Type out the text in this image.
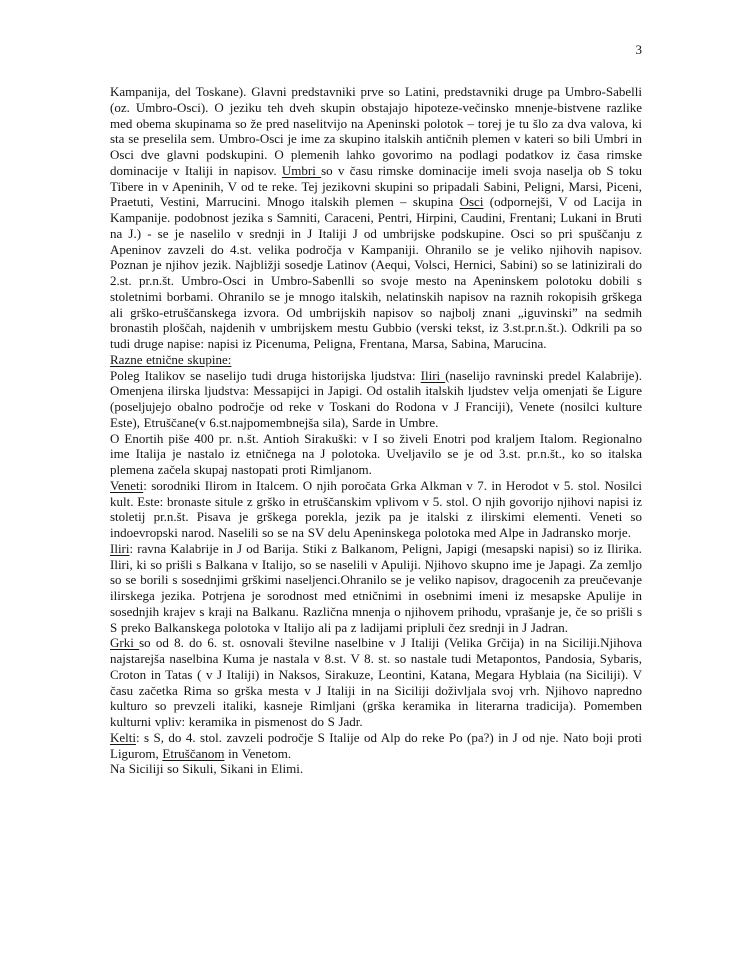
3

Kampanija, del Toskane). Glavni predstavniki prve so Latini, predstavniki druge pa Umbro-Sabelli (oz. Umbro-Osci). O jeziku teh dveh skupin obstajajo hipoteze-večinsko mnenje-bistvene razlike med obema skupinama so že pred naselitvijo na Apeninski polotok – torej je tu šlo za dva valova, ki sta se preselila sem. Umbro-Osci je ime za skupino italskih antičnih plemen v kateri so bili Umbri in Osci dve glavni podskupini. O plemenih lahko govorimo na podlagi podatkov iz časa rimske dominacije v Italiji in napisov. Umbri so v času rimske dominacije imeli svoja naselja ob S toku Tibere in v Apeninih, V od te reke. Tej jezikovni skupini so pripadali Sabini, Peligni, Marsi, Piceni, Praetuti, Vestini, Marrucini. Mnogo italskih plemen – skupina Osci (odpornejši, V od Lacija in Kampanije. podobnost jezika s Samniti, Caraceni, Pentri, Hirpini, Caudini, Frentani; Lukani in Bruti na J.) - se je naselilo v srednji in J Italiji J od umbrijske podskupine. Osci so pri spuščanju z Apeninov zavzeli do 4.st. velika področja v Kampaniji. Ohranilo se je veliko njihovih napisov. Poznan je njihov jezik. Najbližji sosedje Latinov (Aequi, Volsci, Hernici, Sabini) so se latinizirali do 2.st. pr.n.št. Umbro-Osci in Umbro-Sabenlli so svoje mesto na Apeninskem polotoku dobili s stoletnimi borbami. Ohranilo se je mnogo italskih, nelatinskih napisov na raznih rokopisih grškega ali grško-etruščanskega izvora. Od umbrijskih napisov so najbolj znani „iguvinski” na sedmih bronastih ploščah, najdenih v umbrijskem mestu Gubbio (verski tekst, iz 3.st.pr.n.št.). Odkrili pa so tudi druge napise: napisi iz Picenuma, Peligna, Frentana, Marsa, Sabina, Marucina.

Razne etnične skupine:

Poleg Italikov se naselijo tudi druga historijska ljudstva: Iliri (naselijo ravninski predel Kalabrije). Omenjena ilirska ljudstva: Messapijci in Japigi. Od ostalih italskih ljudstev velja omenjati še Ligure (poseljujejo obalno področje od reke v Toskani do Rodona v J Franciji), Venete (nosilci kulture Este), Etruščane(v 6.st.najpomembnejša sila), Sarde in Umbre.

O Enortih piše 400 pr. n.št. Antioh Sirakuški: v I so živeli Enotri pod kraljem Italom. Regionalno ime Italija je nastalo iz etničnega na J polotoka. Uveljavilo se je od 3.st. pr.n.št., ko so italska plemena začela skupaj nastopati proti Rimljanom.

Veneti: sorodniki Ilirom in Italcem. O njih poročata Grka Alkman v 7. in Herodot v 5. stol. Nosilci kult. Este: bronaste situle z grško in etruščanskim vplivom v 5. stol. O njih govorijo njihovi napisi iz stoletij pr.n.št. Pisava je grškega porekla, jezik pa je italski z ilirskimi elementi. Veneti so indoevropski narod. Naselili so se na SV delu Apeninskega polotoka med Alpe in Jadransko morje.

Iliri: ravna Kalabrije in J od Barija. Stiki z Balkanom, Peligni, Japigi (mesapski napisi) so iz Ilirika. Iliri, ki so prišli s Balkana v Italijo, so se naselili v Apuliji. Njihovo skupno ime je Japagi. Za zemljo so se borili s sosednjimi grškimi naseljenci.Ohranilo se je veliko napisov, dragocenih za preučevanje ilirskega jezika. Potrjena je sorodnost med etničnimi in osebnimi imeni iz mesapske Apulije in sosednjih krajev s kraji na Balkanu. Različna mnenja o njihovem prihodu, vprašanje je, če so prišli s S preko Balkanskega polotoka v Italijo ali pa z ladijami pripluli čez srednji in J Jadran.

Grki so od 8. do 6. st. osnovali številne naselbine v J Italiji (Velika Grčija) in na Siciliji.Njihova najstarejša naselbina Kuma je nastala v 8.st. V 8. st. so nastale tudi Metapontos, Pandosia, Sybaris, Croton in Tatas ( v J Italiji) in Naksos, Sirakuze, Leontini, Katana, Megara Hyblaia (na Siciliji). V času začetka Rima so grška mesta v J Italiji in na Siciliji doživljala svoj vrh. Njihovo napredno kulturo so prevzeli italiki, kasneje Rimljani (grška keramika in literarna tradicija). Pomemben kulturni vpliv: keramika in pismenost do S Jadr.

Kelti: s S, do 4. stol. zavzeli področje S Italije od Alp do reke Po (pa?) in J od nje. Nato boji proti Ligurom, Etruščanom in Venetom.

Na Siciliji so Sikuli, Sikani in Elimi.
